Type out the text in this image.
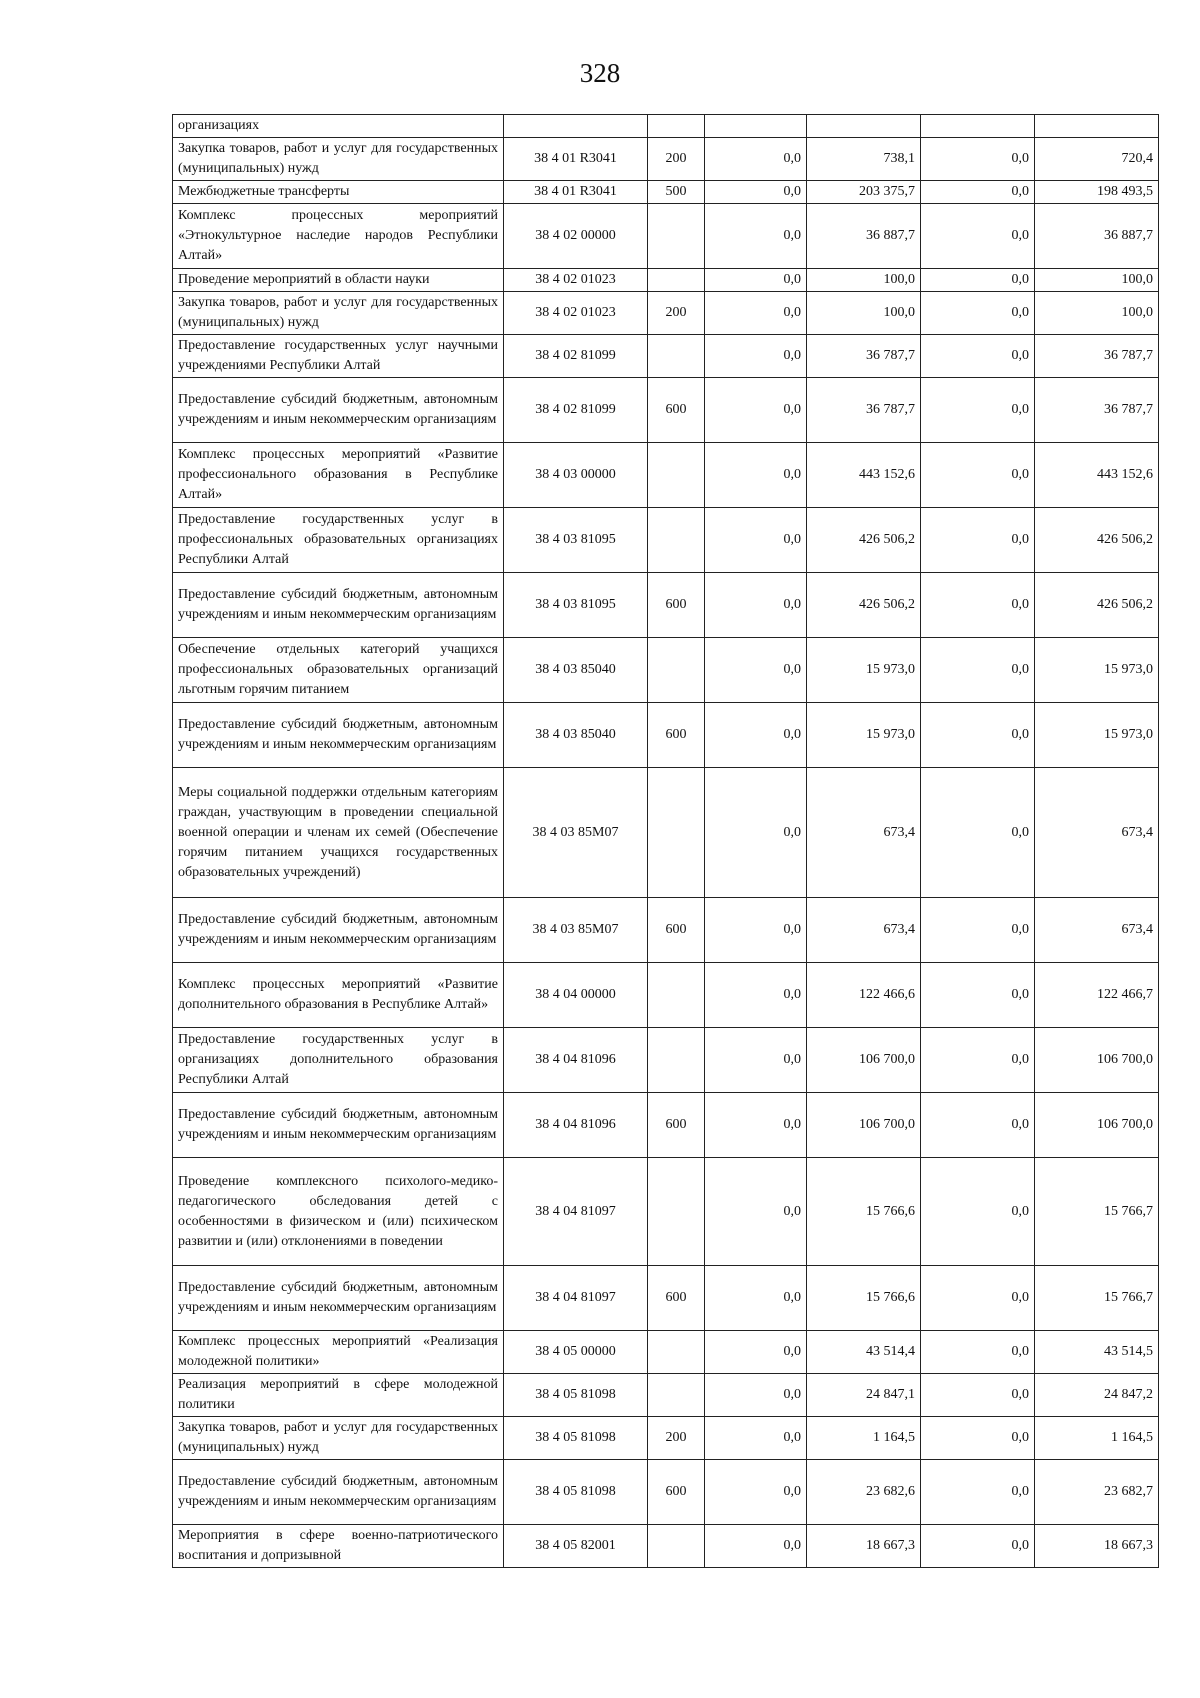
328
организациях						
Закупка товаров, работ и услуг для государственных (муниципальных) нужд	38 4 01 R3041	200	0,0	738,1	0,0	720,4
Межбюджетные трансферты	38 4 01 R3041	500	0,0	203 375,7	0,0	198 493,5
Комплекс процессных мероприятий «Этнокультурное наследие народов Республики Алтай»	38 4 02 00000		0,0	36 887,7	0,0	36 887,7
Проведение мероприятий в области науки	38 4 02 01023		0,0	100,0	0,0	100,0
Закупка товаров, работ и услуг для государственных (муниципальных) нужд	38 4 02 01023	200	0,0	100,0	0,0	100,0
Предоставление государственных услуг научными учреждениями Республики Алтай	38 4 02 81099		0,0	36 787,7	0,0	36 787,7
Предоставление субсидий бюджетным, автономным учреждениям и иным некоммерческим организациям	38 4 02 81099	600	0,0	36 787,7	0,0	36 787,7
Комплекс процессных мероприятий «Развитие профессионального образования в Республике Алтай»	38 4 03 00000		0,0	443 152,6	0,0	443 152,6
Предоставление государственных услуг в профессиональных образовательных организациях Республики Алтай	38 4 03 81095		0,0	426 506,2	0,0	426 506,2
Предоставление субсидий бюджетным, автономным учреждениям и иным некоммерческим организациям	38 4 03 81095	600	0,0	426 506,2	0,0	426 506,2
Обеспечение отдельных категорий учащихся профессиональных образовательных организаций льготным горячим питанием	38 4 03 85040		0,0	15 973,0	0,0	15 973,0
Предоставление субсидий бюджетным, автономным учреждениям и иным некоммерческим организациям	38 4 03 85040	600	0,0	15 973,0	0,0	15 973,0
Меры социальной поддержки отдельным категориям граждан, участвующим в проведении специальной военной операции и членам их семей (Обеспечение горячим питанием учащихся государственных образовательных учреждений)	38 4 03 85М07		0,0	673,4	0,0	673,4
Предоставление субсидий бюджетным, автономным учреждениям и иным некоммерческим организациям	38 4 03 85М07	600	0,0	673,4	0,0	673,4
Комплекс процессных мероприятий «Развитие дополнительного образования в Республике Алтай»	38 4 04 00000		0,0	122 466,6	0,0	122 466,7
Предоставление государственных услуг в организациях дополнительного образования Республики Алтай	38 4 04 81096		0,0	106 700,0	0,0	106 700,0
Предоставление субсидий бюджетным, автономным учреждениям и иным некоммерческим организациям	38 4 04 81096	600	0,0	106 700,0	0,0	106 700,0
Проведение комплексного психолого-медико-педагогического обследования детей с особенностями в физическом и (или) психическом развитии и (или) отклонениями в поведении	38 4 04 81097		0,0	15 766,6	0,0	15 766,7
Предоставление субсидий бюджетным, автономным учреждениям и иным некоммерческим организациям	38 4 04 81097	600	0,0	15 766,6	0,0	15 766,7
Комплекс процессных мероприятий «Реализация молодежной политики»	38 4 05 00000		0,0	43 514,4	0,0	43 514,5
Реализация мероприятий в сфере молодежной политики	38 4 05 81098		0,0	24 847,1	0,0	24 847,2
Закупка товаров, работ и услуг для государственных (муниципальных) нужд	38 4 05 81098	200	0,0	1 164,5	0,0	1 164,5
Предоставление субсидий бюджетным, автономным учреждениям и иным некоммерческим организациям	38 4 05 81098	600	0,0	23 682,6	0,0	23 682,7
Мероприятия в сфере военно-патриотического воспитания и допризывной	38 4 05 82001		0,0	18 667,3	0,0	18 667,3
